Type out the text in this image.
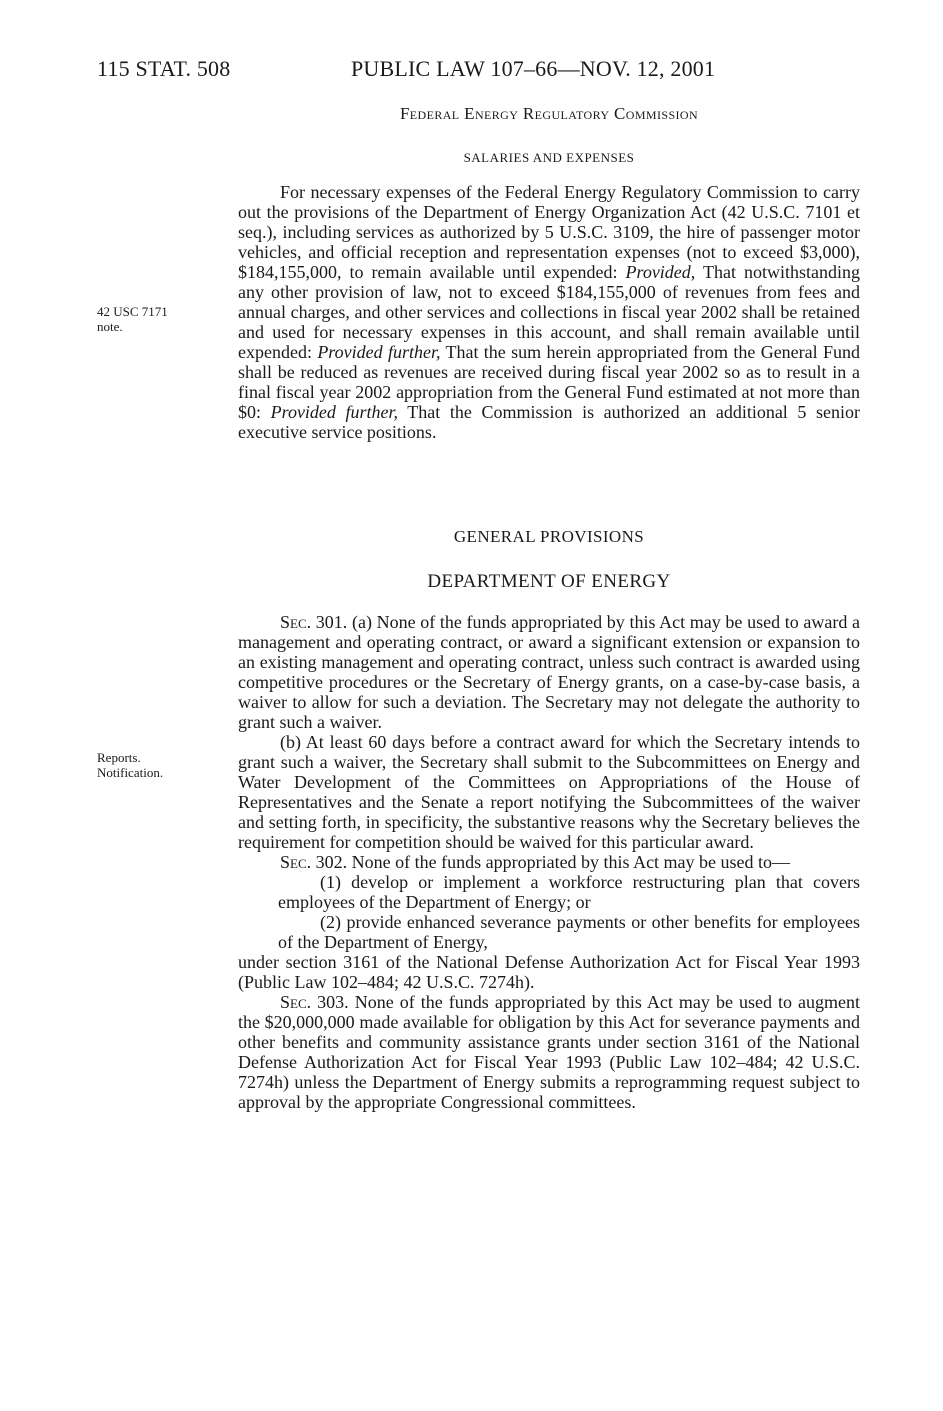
115 STAT. 508	PUBLIC LAW 107–66—NOV. 12, 2001
Federal Energy Regulatory Commission
SALARIES AND EXPENSES
42 USC 7171
note.

For necessary expenses of the Federal Energy Regulatory Commission to carry out the provisions of the Department of Energy Organization Act (42 U.S.C. 7101 et seq.), including services as authorized by 5 U.S.C. 3109, the hire of passenger motor vehicles, and official reception and representation expenses (not to exceed $3,000), $184,155,000, to remain available until expended: Provided, That notwithstanding any other provision of law, not to exceed $184,155,000 of revenues from fees and annual charges, and other services and collections in fiscal year 2002 shall be retained and used for necessary expenses in this account, and shall remain available until expended: Provided further, That the sum herein appropriated from the General Fund shall be reduced as revenues are received during fiscal year 2002 so as to result in a final fiscal year 2002 appropriation from the General Fund estimated at not more than $0: Provided further, That the Commission is authorized an additional 5 senior executive service positions.

GENERAL PROVISIONS
DEPARTMENT OF ENERGY
Reports.
Notification.

Sec. 301. (a) None of the funds appropriated by this Act may be used to award a management and operating contract, or award a significant extension or expansion to an existing management and operating contract, unless such contract is awarded using competitive procedures or the Secretary of Energy grants, on a case-by-case basis, a waiver to allow for such a deviation. The Secretary may not delegate the authority to grant such a waiver.

(b) At least 60 days before a contract award for which the Secretary intends to grant such a waiver, the Secretary shall submit to the Subcommittees on Energy and Water Development of the Committees on Appropriations of the House of Representatives and the Senate a report notifying the Subcommittees of the waiver and setting forth, in specificity, the substantive reasons why the Secretary believes the requirement for competition should be waived for this particular award.

Sec. 302. None of the funds appropriated by this Act may be used to—

(1) develop or implement a workforce restructuring plan that covers employees of the Department of Energy; or

(2) provide enhanced severance payments or other benefits for employees of the Department of Energy,

under section 3161 of the National Defense Authorization Act for Fiscal Year 1993 (Public Law 102–484; 42 U.S.C. 7274h).

Sec. 303. None of the funds appropriated by this Act may be used to augment the $20,000,000 made available for obligation by this Act for severance payments and other benefits and community assistance grants under section 3161 of the National Defense Authorization Act for Fiscal Year 1993 (Public Law 102–484; 42 U.S.C. 7274h) unless the Department of Energy submits a reprogramming request subject to approval by the appropriate Congressional committees.
